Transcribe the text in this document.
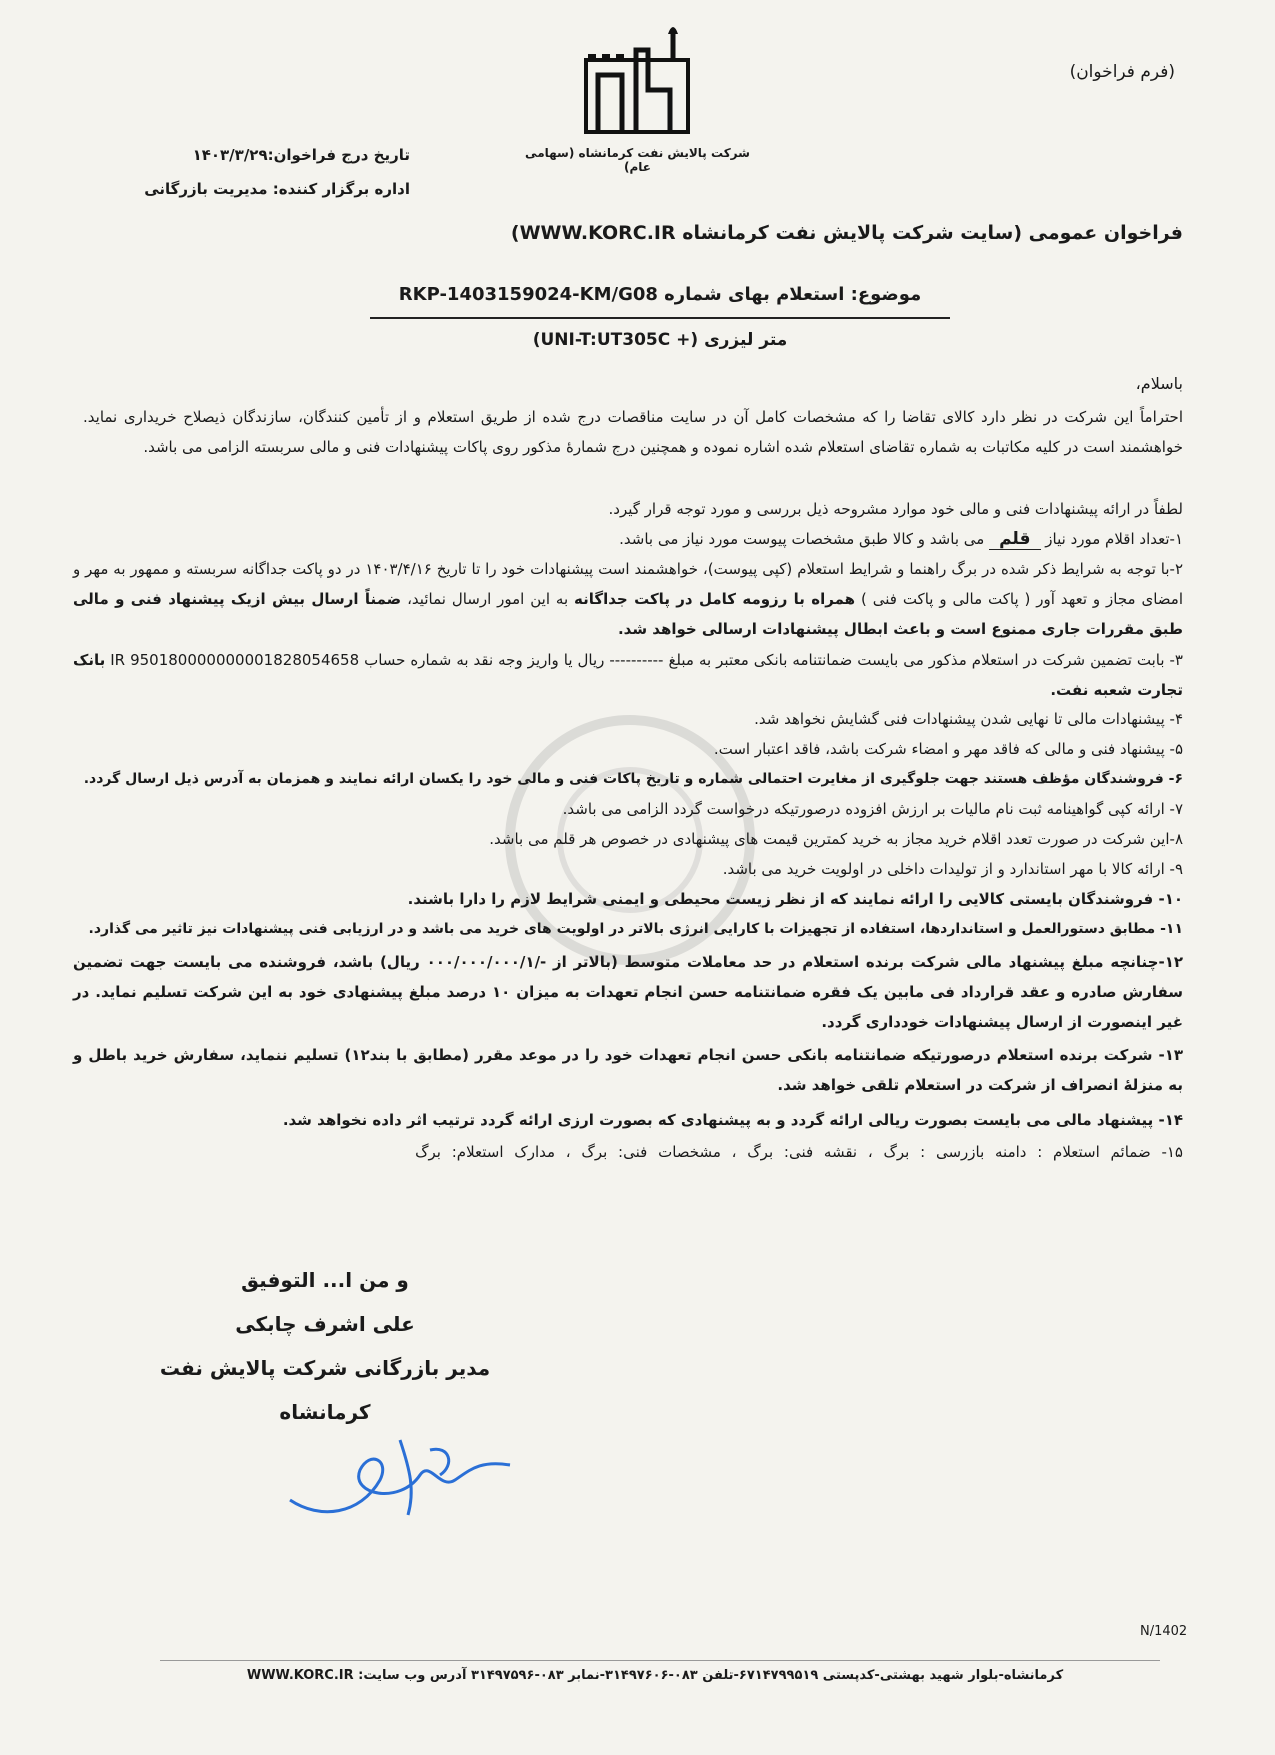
(فرم فراخوان)
شرکت پالایش نفت کرمانشاه (سهامی عام)
تاریخ درج فراخوان:۱۴۰۳/۳/۲۹
اداره برگزار کننده: مدیریت بازرگانی
فراخوان عمومی (سایت شرکت پالایش نفت کرمانشاه WWW.KORC.IR)
موضوع: استعلام بهای شماره RKP-1403159024-KM/G08
متر لیزری (+ UNI-T:UT305C)
باسلام،
احتراماً این شرکت در نظر دارد کالای تقاضا را که مشخصات کامل آن در سایت مناقصات درج شده از طریق استعلام و از تأمین کنندگان، سازندگان ذیصلاح خریداری نماید. خواهشمند است در کلیه مکاتبات به شماره تقاضای استعلام شده اشاره نموده و همچنین درج شمارهٔ مذکور روی پاکات پیشنهادات فنی و مالی سربسته الزامی می باشد.
لطفاً در ارائه پیشنهادات فنی و مالی خود موارد مشروحه ذیل بررسی و مورد توجه قرار گیرد.
۱-تعداد اقلام مورد نیاز قلم می باشد و کالا طبق مشخصات پیوست مورد نیاز می باشد.
۲-با توجه به شرایط ذکر شده در برگ راهنما و شرایط استعلام (کپی پیوست)، خواهشمند است پیشنهادات خود را تا تاریخ ۱۴۰۳/۴/۱۶ در دو پاکت جداگانه سربسته و ممهور به مهر و امضای مجاز و تعهد آور ( پاکت مالی و پاکت فنی ) همراه با رزومه کامل در پاکت جداگانه به این امور ارسال نمائید، ضمناً ارسال بیش ازیک پیشنهاد فنی و مالی طبق مقررات جاری ممنوع است و باعث ابطال پیشنهادات ارسالی خواهد شد.
۳- بابت تضمین شرکت در استعلام مذکور می بایست ضمانتنامه بانکی معتبر به مبلغ ---------- ریال یا واریز وجه نقد به شماره حساب IR 950180000000001828054658 بانک تجارت شعبه نفت.
۴- پیشنهادات مالی تا نهایی شدن پیشنهادات فنی گشایش نخواهد شد.
۵- پیشنهاد فنی و مالی که فاقد مهر و امضاء شرکت باشد، فاقد اعتبار است.
۶- فروشندگان مؤظف هستند جهت جلوگیری از مغایرت احتمالی شماره و تاریخ پاکات فنی و مالی خود را یکسان ارائه نمایند و همزمان به آدرس ذیل ارسال گردد.
۷- ارائه کپی گواهینامه ثبت نام مالیات بر ارزش افزوده درصورتیکه درخواست گردد الزامی می باشد.
۸-این شرکت در صورت تعدد اقلام خرید مجاز به خرید کمترین قیمت های پیشنهادی در خصوص هر قلم می باشد.
۹- ارائه کالا با مهر استاندارد و از تولیدات داخلی در اولویت خرید می باشد.
۱۰- فروشندگان بایستی کالایی را ارائه نمایند که از نظر زیست محیطی و ایمنی شرایط لازم را دارا باشند.
۱۱- مطابق دستورالعمل و استانداردها، استفاده از تجهیزات با کارایی انرژی بالاتر در اولویت های خرید می باشد و در ارزیابی فنی پیشنهادات نیز تاثیر می گذارد.
۱۲-چنانچه مبلغ پیشنهاد مالی شرکت برنده استعلام در حد معاملات متوسط (بالاتر از -/۰۰۰/۰۰۰/۰۰۰/۱ ریال) باشد، فروشنده می بایست جهت تضمین سفارش صادره و عقد قرارداد فی مابین یک فقره ضمانتنامه حسن انجام تعهدات به میزان ۱۰ درصد مبلغ پیشنهادی خود به این شرکت تسلیم نماید. در غیر اینصورت از ارسال پیشنهادات خودداری گردد.
۱۳- شرکت برنده استعلام درصورتیکه ضمانتنامه بانکی حسن انجام تعهدات خود را در موعد مقرر (مطابق با بند۱۲) تسلیم ننماید، سفارش خرید باطل و به منزلهٔ انصراف از شرکت در استعلام تلقی خواهد شد.
۱۴- پیشنهاد مالی می بایست بصورت ریالی ارائه گردد و به پیشنهادی که بصورت ارزی ارائه گردد ترتیب اثر داده نخواهد شد.
۱۵- ضمائم استعلام : دامنه بازرسی : برگ ، نقشه فنی: برگ ، مشخصات فنی: برگ ، مدارک استعلام: برگ
و من ا... التوفیق
علی اشرف چابکی
مدیر بازرگانی شرکت پالایش نفت کرمانشاه
N/1402
کرمانشاه-بلوار شهید بهشتی-کدپستی ۶۷۱۴۷۹۹۵۱۹-تلفن ۰۸۳-۳۱۴۹۷۶۰۶-نمابر ۰۸۳-۳۱۴۹۷۵۹۶ آدرس وب سایت: WWW.KORC.IR
